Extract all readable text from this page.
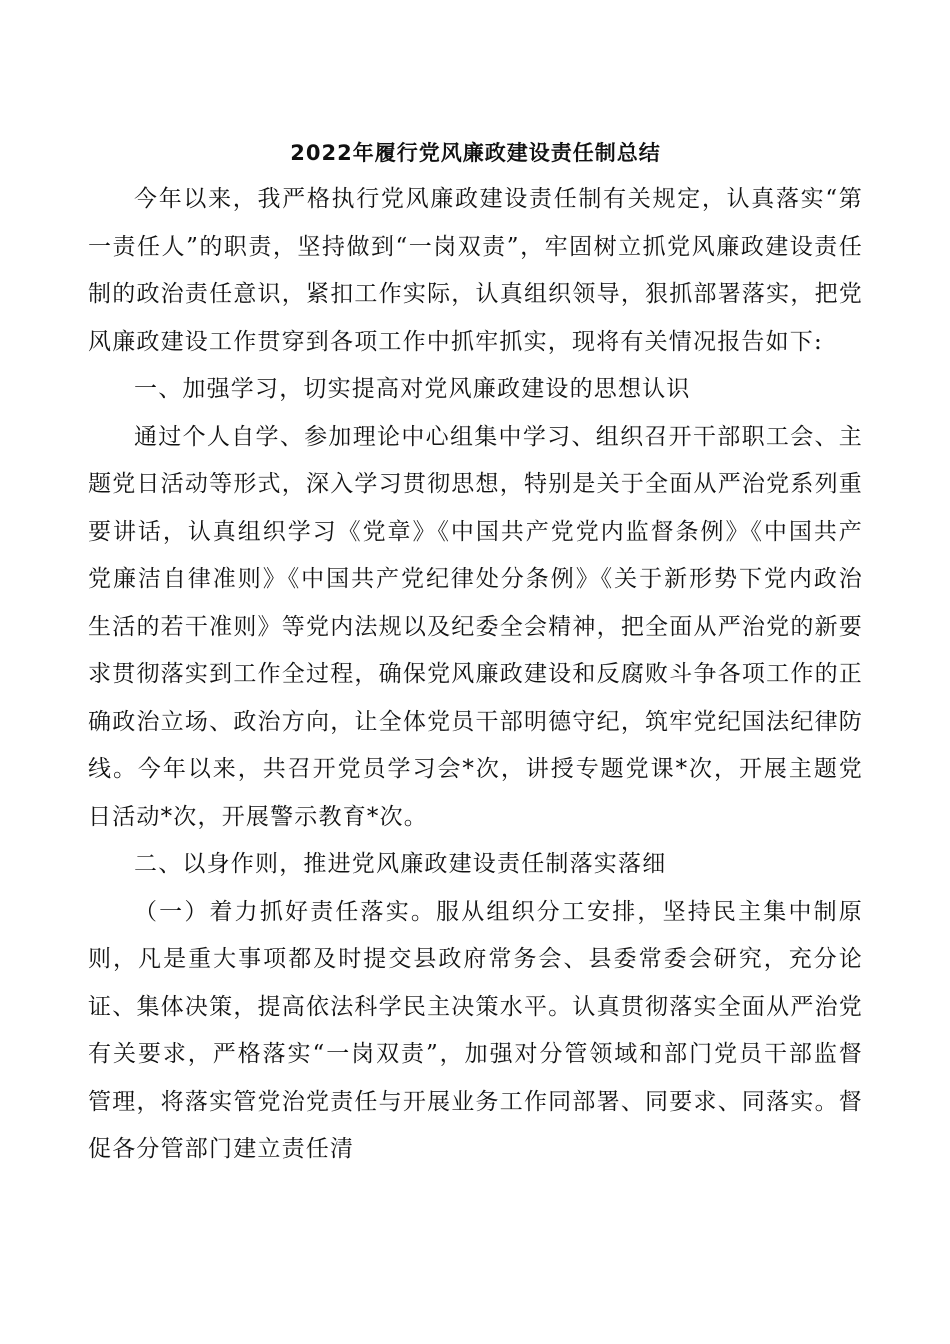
2022年履行党风廉政建设责任制总结

今年以来，我严格执行党风廉政建设责任制有关规定，认真落实“第一责任人”的职责，坚持做到“一岗双责”，牢固树立抓党风廉政建设责任制的政治责任意识，紧扣工作实际，认真组织领导，狠抓部署落实，把党风廉政建设工作贯穿到各项工作中抓牢抓实，现将有关情况报告如下:

一、加强学习，切实提高对党风廉政建设的思想认识

通过个人自学、参加理论中心组集中学习、组织召开干部职工会、主题党日活动等形式，深入学习贯彻思想，特别是关于全面从严治党系列重要讲话，认真组织学习《党章》《中国共产党党内监督条例》《中国共产党廉洁自律准则》《中国共产党纪律处分条例》《关于新形势下党内政治生活的若干准则》等党内法规以及纪委全会精神，把全面从严治党的新要求贯彻落实到工作全过程，确保党风廉政建设和反腐败斗争各项工作的正确政治立场、政治方向，让全体党员干部明德守纪，筑牢党纪国法纪律防线。今年以来，共召开党员学习会*次，讲授专题党课*次，开展主题党日活动*次，开展警示教育*次。

二、以身作则，推进党风廉政建设责任制落实落细

（一）着力抓好责任落实。服从组织分工安排，坚持民主集中制原则，凡是重大事项都及时提交县政府常务会、县委常委会研究，充分论证、集体决策，提高依法科学民主决策水平。认真贯彻落实全面从严治党有关要求，严格落实“一岗双责”，加强对分管领域和部门党员干部监督管理，将落实管党治党责任与开展业务工作同部署、同要求、同落实。督促各分管部门建立责任清
